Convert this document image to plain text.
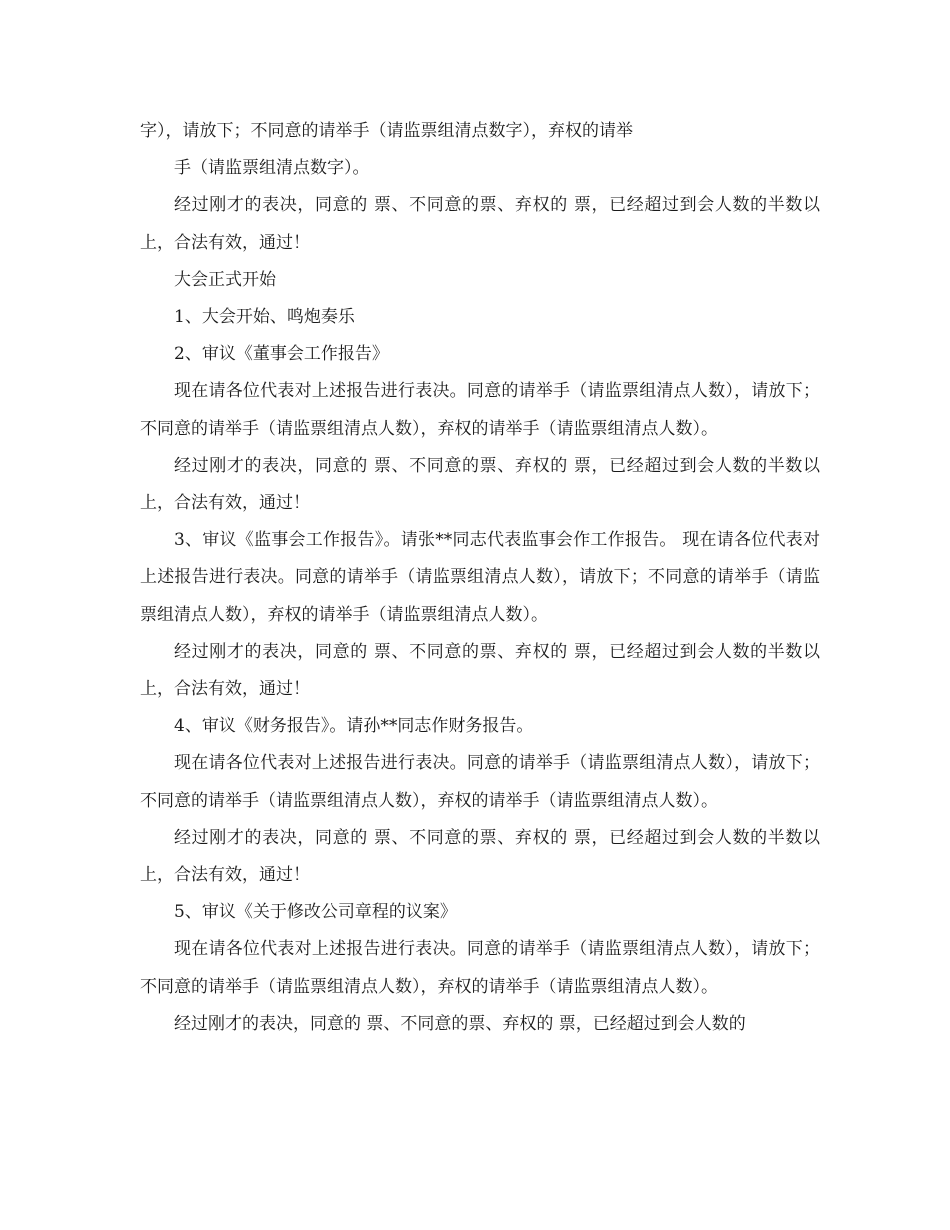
字），请放下；不同意的请举手（请监票组清点数字），弃权的请举

手（请监票组清点数字）。

经过刚才的表决，同意的 票、不同意的票、弃权的 票，已经超过到会人数的半数以上，合法有效，通过！

大会正式开始

1、大会开始、鸣炮奏乐

2、审议《董事会工作报告》

现在请各位代表对上述报告进行表决。同意的请举手（请监票组清点人数），请放下；不同意的请举手（请监票组清点人数），弃权的请举手（请监票组清点人数）。

经过刚才的表决，同意的 票、不同意的票、弃权的 票，已经超过到会人数的半数以上，合法有效，通过！

3、审议《监事会工作报告》。请张**同志代表监事会作工作报告。 现在请各位代表对上述报告进行表决。同意的请举手（请监票组清点人数），请放下；不同意的请举手（请监票组清点人数），弃权的请举手（请监票组清点人数）。

经过刚才的表决，同意的 票、不同意的票、弃权的 票，已经超过到会人数的半数以上，合法有效，通过！

4、审议《财务报告》。请孙**同志作财务报告。

现在请各位代表对上述报告进行表决。同意的请举手（请监票组清点人数），请放下；不同意的请举手（请监票组清点人数），弃权的请举手（请监票组清点人数）。

经过刚才的表决，同意的 票、不同意的票、弃权的 票，已经超过到会人数的半数以上，合法有效，通过！

5、审议《关于修改公司章程的议案》

现在请各位代表对上述报告进行表决。同意的请举手（请监票组清点人数），请放下；不同意的请举手（请监票组清点人数），弃权的请举手（请监票组清点人数）。

经过刚才的表决，同意的 票、不同意的票、弃权的 票，已经超过到会人数的
